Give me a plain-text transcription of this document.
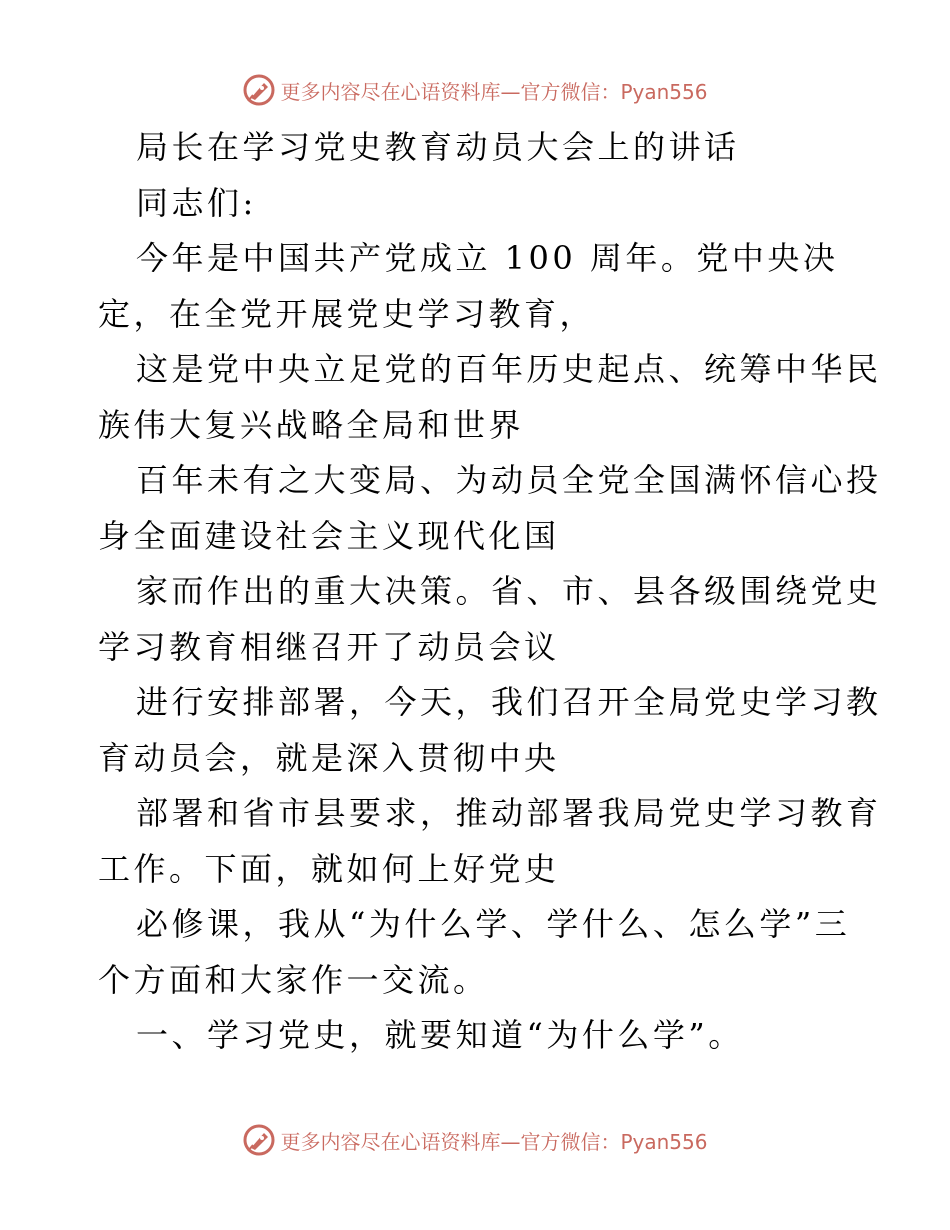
更多内容尽在心语资料库—官方微信：Pyan556
局长在学习党史教育动员大会上的讲话
同志们:
今年是中国共产党成立 100 周年。党中央决
定，在全党开展党史学习教育，
这是党中央立足党的百年历史起点、统筹中华民
族伟大复兴战略全局和世界
百年未有之大变局、为动员全党全国满怀信心投
身全面建设社会主义现代化国
家而作出的重大决策。省、市、县各级围绕党史
学习教育相继召开了动员会议
进行安排部署，今天，我们召开全局党史学习教
育动员会，就是深入贯彻中央
部署和省市县要求，推动部署我局党史学习教育
工作。下面，就如何上好党史
必修课，我从“为什么学、学什么、怎么学”三
个方面和大家作一交流。
一、学习党史，就要知道“为什么学”。
更多内容尽在心语资料库—官方微信：Pyan556
